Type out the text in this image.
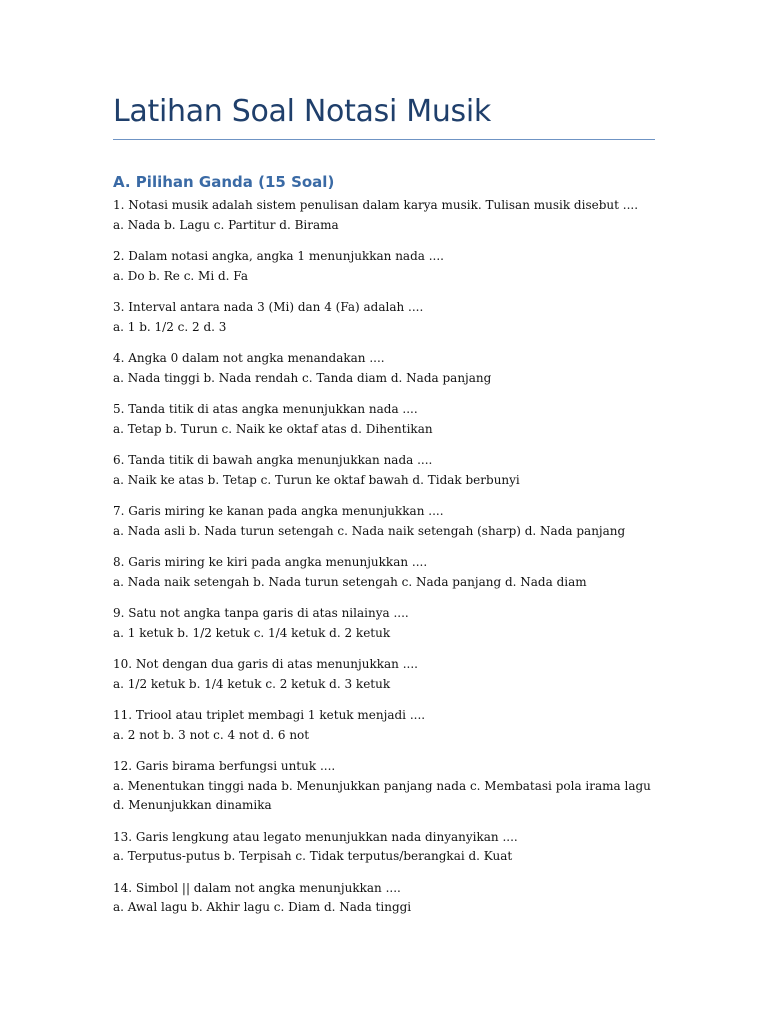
Latihan Soal Notasi Musik
A. Pilihan Ganda (15 Soal)
1. Notasi musik adalah sistem penulisan dalam karya musik. Tulisan musik disebut ....
a. Nada b. Lagu c. Partitur d. Birama
2. Dalam notasi angka, angka 1 menunjukkan nada ....
a. Do b. Re c. Mi d. Fa
3. Interval antara nada 3 (Mi) dan 4 (Fa) adalah ....
a. 1 b. 1/2 c. 2 d. 3
4. Angka 0 dalam not angka menandakan ....
a. Nada tinggi b. Nada rendah c. Tanda diam d. Nada panjang
5. Tanda titik di atas angka menunjukkan nada ....
a. Tetap b. Turun c. Naik ke oktaf atas d. Dihentikan
6. Tanda titik di bawah angka menunjukkan nada ....
a. Naik ke atas b. Tetap c. Turun ke oktaf bawah d. Tidak berbunyi
7. Garis miring ke kanan pada angka menunjukkan ....
a. Nada asli b. Nada turun setengah c. Nada naik setengah (sharp) d. Nada panjang
8. Garis miring ke kiri pada angka menunjukkan ....
a. Nada naik setengah b. Nada turun setengah c. Nada panjang d. Nada diam
9. Satu not angka tanpa garis di atas nilainya ....
a. 1 ketuk b. 1/2 ketuk c. 1/4 ketuk d. 2 ketuk
10. Not dengan dua garis di atas menunjukkan ....
a. 1/2 ketuk b. 1/4 ketuk c. 2 ketuk d. 3 ketuk
11. Triool atau triplet membagi 1 ketuk menjadi ....
a. 2 not b. 3 not c. 4 not d. 6 not
12. Garis birama berfungsi untuk ....
a. Menentukan tinggi nada b. Menunjukkan panjang nada c. Membatasi pola irama lagu d. Menunjukkan dinamika
13. Garis lengkung atau legato menunjukkan nada dinyanyikan ....
a. Terputus-putus b. Terpisah c. Tidak terputus/berangkai d. Kuat
14. Simbol || dalam not angka menunjukkan ....
a. Awal lagu b. Akhir lagu c. Diam d. Nada tinggi
